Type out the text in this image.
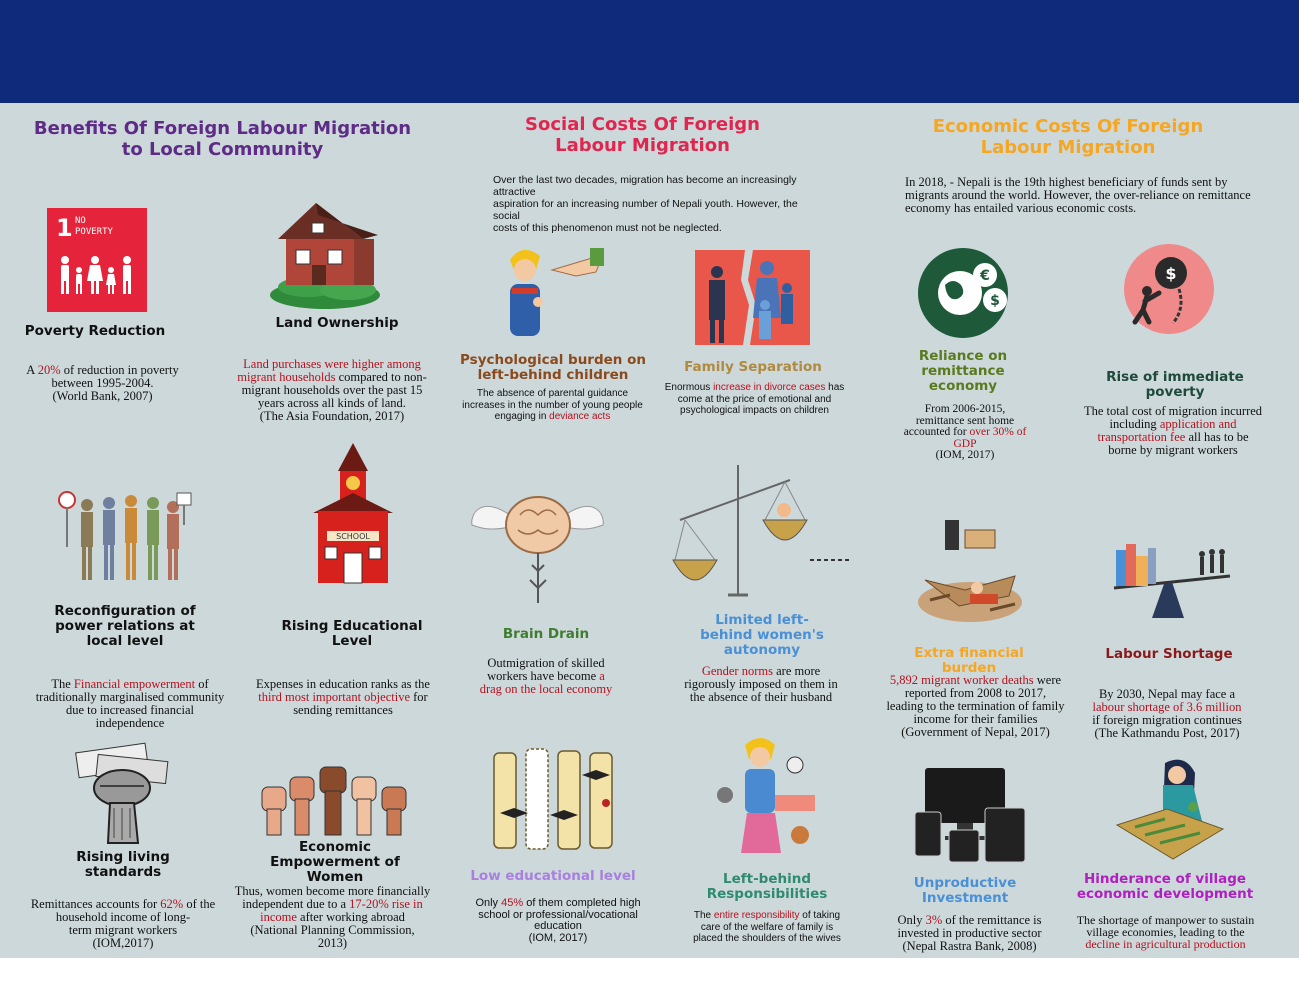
Benefits Of Foreign Labour Migration
to Local Community
1 NO
POVERTY
Poverty Reduction
A 20% of reduction in poverty
between 1995-2004.
(World Bank, 2007)
Land Ownership
Land purchases were higher among
migrant households compared to non-
migrant households over the past 15
years across all kinds of land.
(The Asia Foundation, 2017)
Reconfiguration of
power relations at
local level
The Financial empowerment of
traditionally marginalised community
due to increased financial
independence
SCHOOL
Rising Educational
Level
Expenses in education ranks as the
third most important objective for
sending remittances
Rising living
standards
Remittances accounts for 62% of the
household income of long-
term migrant workers
(IOM,2017)
Economic
Empowerment of
Women
Thus, women become more financially
independent due to a 17-20% rise in
income after working abroad
(National Planning Commission,
2013)
Social Costs Of Foreign
Labour Migration
Over the last two decades, migration has become an increasingly attractive
aspiration for an increasing number of Nepali youth. However, the social
costs of this phenomenon must not be neglected.
Psychological burden on
left-behind children
The absence of parental guidance
increases in the number of young people
engaging in deviance acts
Family Separation
Enormous increase in divorce cases has
come at the price of emotional and
psychological impacts on children
Brain Drain
Outmigration of skilled
workers have become a
drag on the local economy
Limited left-
behind women's
autonomy
Gender norms are more
rigorously imposed on them in
the absence of their husband
Low educational level
Only 45% of them completed high
school or professional/vocational
education
(IOM, 2017)
Left-behind
Responsibilities
The entire responsibility of taking
care of the welfare of family is
placed the shoulders of the wives
Economic Costs Of Foreign
Labour Migration
In 2018, - Nepali is the 19th highest beneficiary of funds sent by
migrants around the world. However, the over-reliance on remittance
economy has entailed various economic costs.
€
$
Reliance on
remittance
economy
From 2006-2015,
remittance sent home
accounted for over 30% of
GDP
(IOM, 2017)
$
Rise of immediate
poverty
The total cost of migration incurred
including application and
transportation fee all has to be
borne by migrant workers
Extra financial
burden
5,892 migrant worker deaths were
reported from 2008 to 2017,
leading to the termination of family
income for their families
(Government of Nepal, 2017)
Labour Shortage
By 2030, Nepal may face a
labour shortage of 3.6 million
if foreign migration continues
(The Kathmandu Post, 2017)
Unproductive
Investment
Only 3% of the remittance is
invested in productive sector
(Nepal Rastra Bank, 2008)
Hinderance of village
economic development
The shortage of manpower to sustain
village economies, leading to the
decline in agricultural production
